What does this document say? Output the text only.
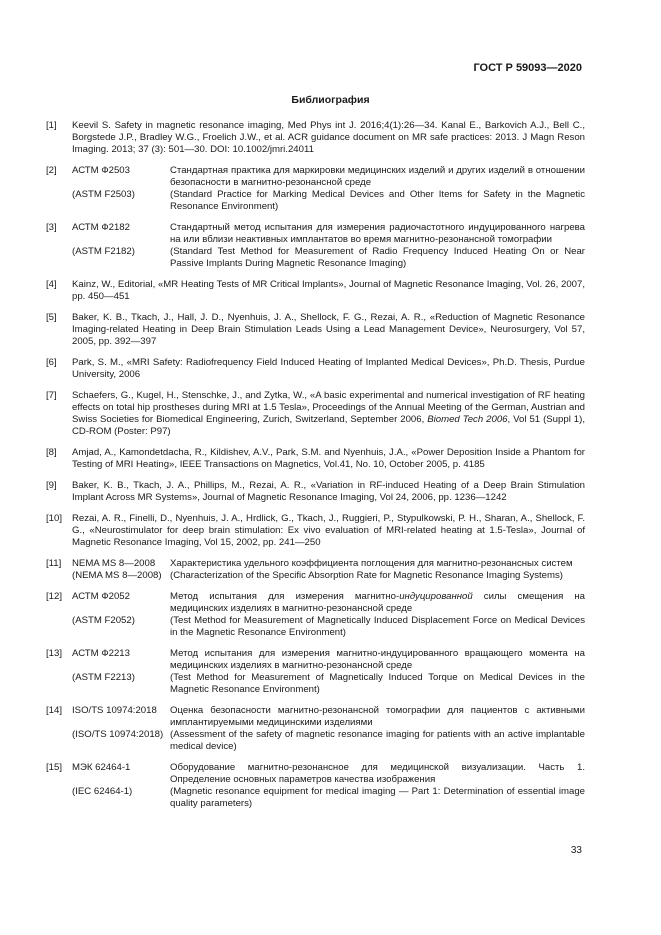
ГОСТ Р 59093—2020
Библиография
[1] Keevil S. Safety in magnetic resonance imaging, Med Phys int J. 2016;4(1):26—34. Kanal E., Barkovich A.J., Bell C., Borgstede J.P., Bradley W.G., Froelich J.W., et al. ACR guidance document on MR safe practices: 2013. J Magn Reson Imaging. 2013; 37 (3): 501—30. DOI: 10.1002/jmri.24011
[2] АСТМ Ф2503	Стандартная практика для маркировки медицинских изделий и других изделий в отношении безопасности в магнитно-резонансной среде
(ASTM F2503)	(Standard Practice for Marking Medical Devices and Other Items for Safety in the Magnetic Resonance Environment)
[3] АСТМ Ф2182	Стандартный метод испытания для измерения радиочастотного индуцированного нагрева на или вблизи неактивных имплантатов во время магнитно-резонансной томографии
(ASTM F2182)	(Standard Test Method for Measurement of Radio Frequency Induced Heating On or Near Passive Implants During Magnetic Resonance Imaging)
[4] Kainz, W., Editorial, «MR Heating Tests of MR Critical Implants», Journal of Magnetic Resonance Imaging, Vol. 26, 2007, pp. 450—451
[5] Baker, K. B., Tkach, J., Hall, J. D., Nyenhuis, J. A., Shellock, F. G., Rezai, A. R., «Reduction of Magnetic Resonance Imaging-related Heating in Deep Brain Stimulation Leads Using a Lead Management Device», Neurosurgery, Vol 57, 2005, pp. 392—397
[6] Park, S. M., «MRI Safety: Radiofrequency Field Induced Heating of Implanted Medical Devices», Ph.D. Thesis, Purdue University, 2006
[7] Schaefers, G., Kugel, H., Stenschke, J., and Zytka, W., «A basic experimental and numerical investigation of RF heating effects on total hip prostheses during MRI at 1.5 Tesla», Proceedings of the Annual Meeting of the German, Austrian and Swiss Societies for Biomedical Engineering, Zurich, Switzerland, September 2006, Biomed Tech 2006, Vol 51 (Suppl 1), CD-ROM (Poster: P97)
[8] Amjad, A., Kamondetdacha, R., Kildishev, A.V., Park, S.M. and Nyenhuis, J.A., «Power Deposition Inside a Phantom for Testing of MRI Heating», IEEE Transactions on Magnetics, Vol.41, No. 10, October 2005, p. 4185
[9] Baker, K. B., Tkach, J. A., Phillips, M., Rezai, A. R., «Variation in RF-induced Heating of a Deep Brain Stimulation Implant Across MR Systems», Journal of Magnetic Resonance Imaging, Vol 24, 2006, pp. 1236—1242
[10] Rezai, A. R., Finelli, D., Nyenhuis, J. A., Hrdlick, G., Tkach, J., Ruggieri, P., Stypulkowski, P. H., Sharan, A., Shellock, F. G., «Neurostimulator for deep brain stimulation: Ex vivo evaluation of MRI-related heating at 1.5-Tesla», Journal of Magnetic Resonance Imaging, Vol 15, 2002, pp. 241—250
[11] NEMA MS 8—2008	Характеристика удельного коэффициента поглощения для магнитно-резонансных систем
(NEMA MS 8—2008) (Characterization of the Specific Absorption Rate for Magnetic Resonance Imaging Systems)
[12] АСТМ Ф2052	Метод испытания для измерения магнитно-индуцированной силы смещения на медицинских изделиях в магнитно-резонансной среде
(ASTM F2052)	(Test Method for Measurement of Magnetically Induced Displacement Force on Medical Devices in the Magnetic Resonance Environment)
[13] АСТМ Ф2213	Метод испытания для измерения магнитно-индуцированного вращающего момента на медицинских изделиях в магнитно-резонансной среде
(ASTM F2213)	(Test Method for Measurement of Magnetically Induced Torque on Medical Devices in the Magnetic Resonance Environment)
[14] ISO/TS 10974:2018	Оценка безопасности магнитно-резонансной томографии для пациентов с активными имплантируемыми медицинскими изделиями
(ISO/TS 10974:2018) (Assessment of the safety of magnetic resonance imaging for patients with an active implantable medical device)
[15] МЭК 62464-1	Оборудование магнитно-резонансное для медицинской визуализации. Часть 1. Определение основных параметров качества изображения
(IEC 62464-1)	(Magnetic resonance equipment for medical imaging — Part 1: Determination of essential image quality parameters)
33
